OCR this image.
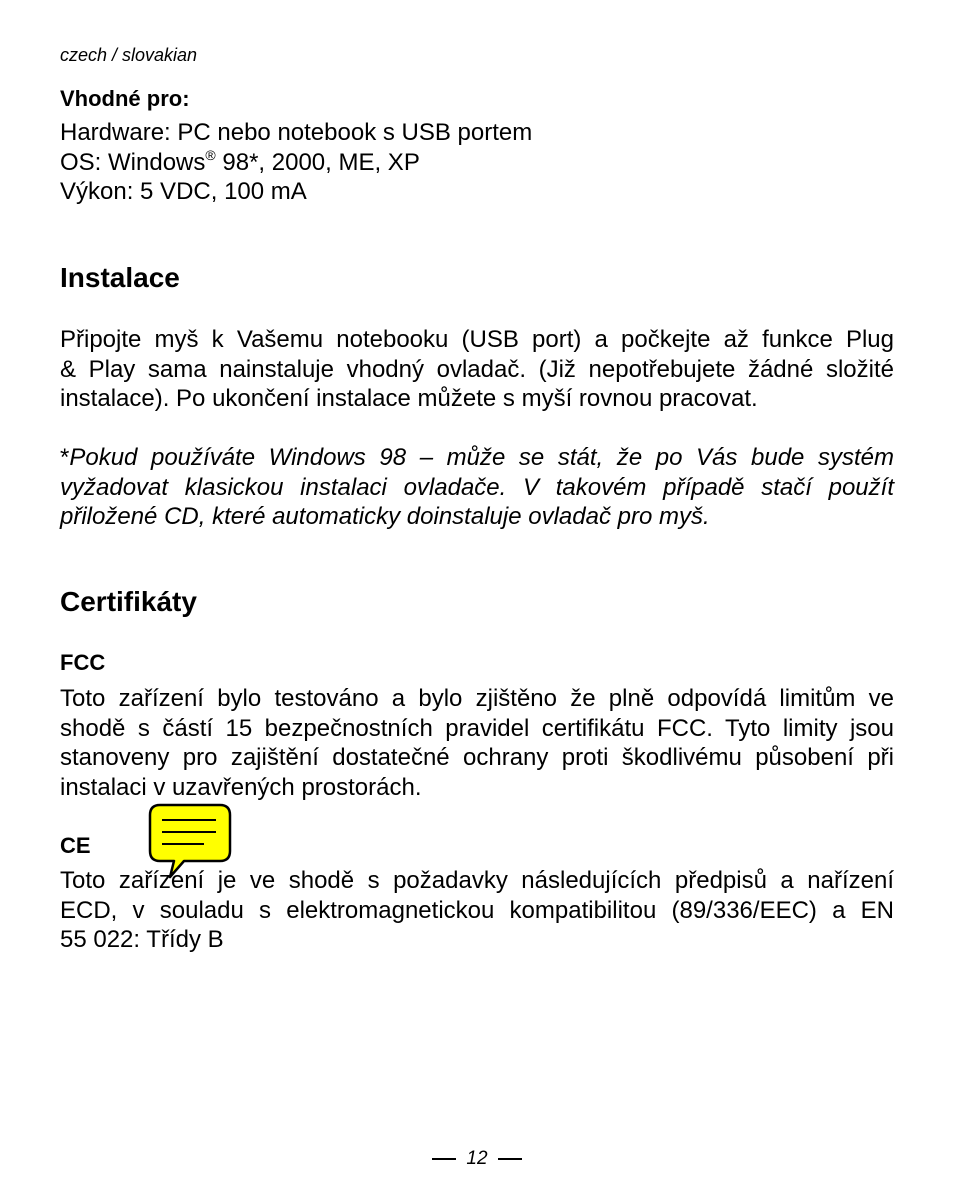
czech / slovakian
Vhodné pro:
Hardware: PC nebo notebook s USB portem
OS: Windows® 98*, 2000, ME, XP
Výkon: 5 VDC, 100 mA
Instalace
Připojte myš k Vašemu notebooku (USB port) a počkejte až funkce Plug
& Play sama nainstaluje vhodný ovladač. (Již nepotřebujete žádné složité
instalace). Po ukončení instalace můžete s myší rovnou pracovat.
*Pokud používáte Windows 98 – může se stát, že po Vás bude systém
vyžadovat klasickou instalaci ovladače. V takovém případě stačí použít
přiložené CD, které automaticky doinstaluje ovladač pro myš.
Certifikáty
FCC
Toto zařízení bylo testováno a bylo zjištěno že plně odpovídá limitům ve
shodě s částí 15 bezpečnostních pravidel certifikátu FCC. Tyto limity jsou
stanoveny pro zajištění dostatečné ochrany proti škodlivému působení při
instalaci v uzavřených prostorách.
CE
Toto zařízení je ve shodě s požadavky následujících předpisů a nařízení
ECD, v souladu s elektromagnetickou kompatibilitou (89/336/EEC) a EN
55 022: Třídy B
12
